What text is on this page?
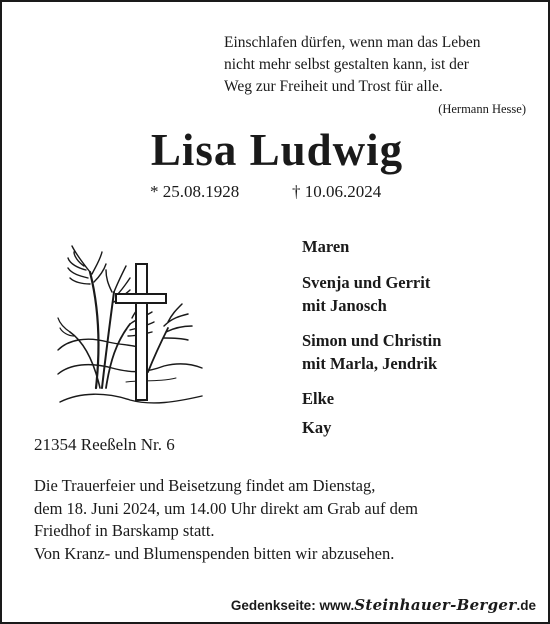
Einschlafen dürfen, wenn man das Leben
nicht mehr selbst gestalten kann, ist der
Weg zur Freiheit und Trost für alle.
(Hermann Hesse)
Lisa Ludwig
* 25.08.1928	† 10.06.2024
Maren
Svenja und Gerrit
mit Janosch
Simon und Christin
mit Marla, Jendrik
Elke
Kay
21354 Reeßeln Nr. 6
Die Trauerfeier und Beisetzung findet am Dienstag,
dem 18. Juni 2024, um 14.00 Uhr direkt am Grab auf dem
Friedhof in Barskamp statt.
Von Kranz- und Blumenspenden bitten wir abzusehen.
Gedenkseite: www.Steinhauer-Berger.de
